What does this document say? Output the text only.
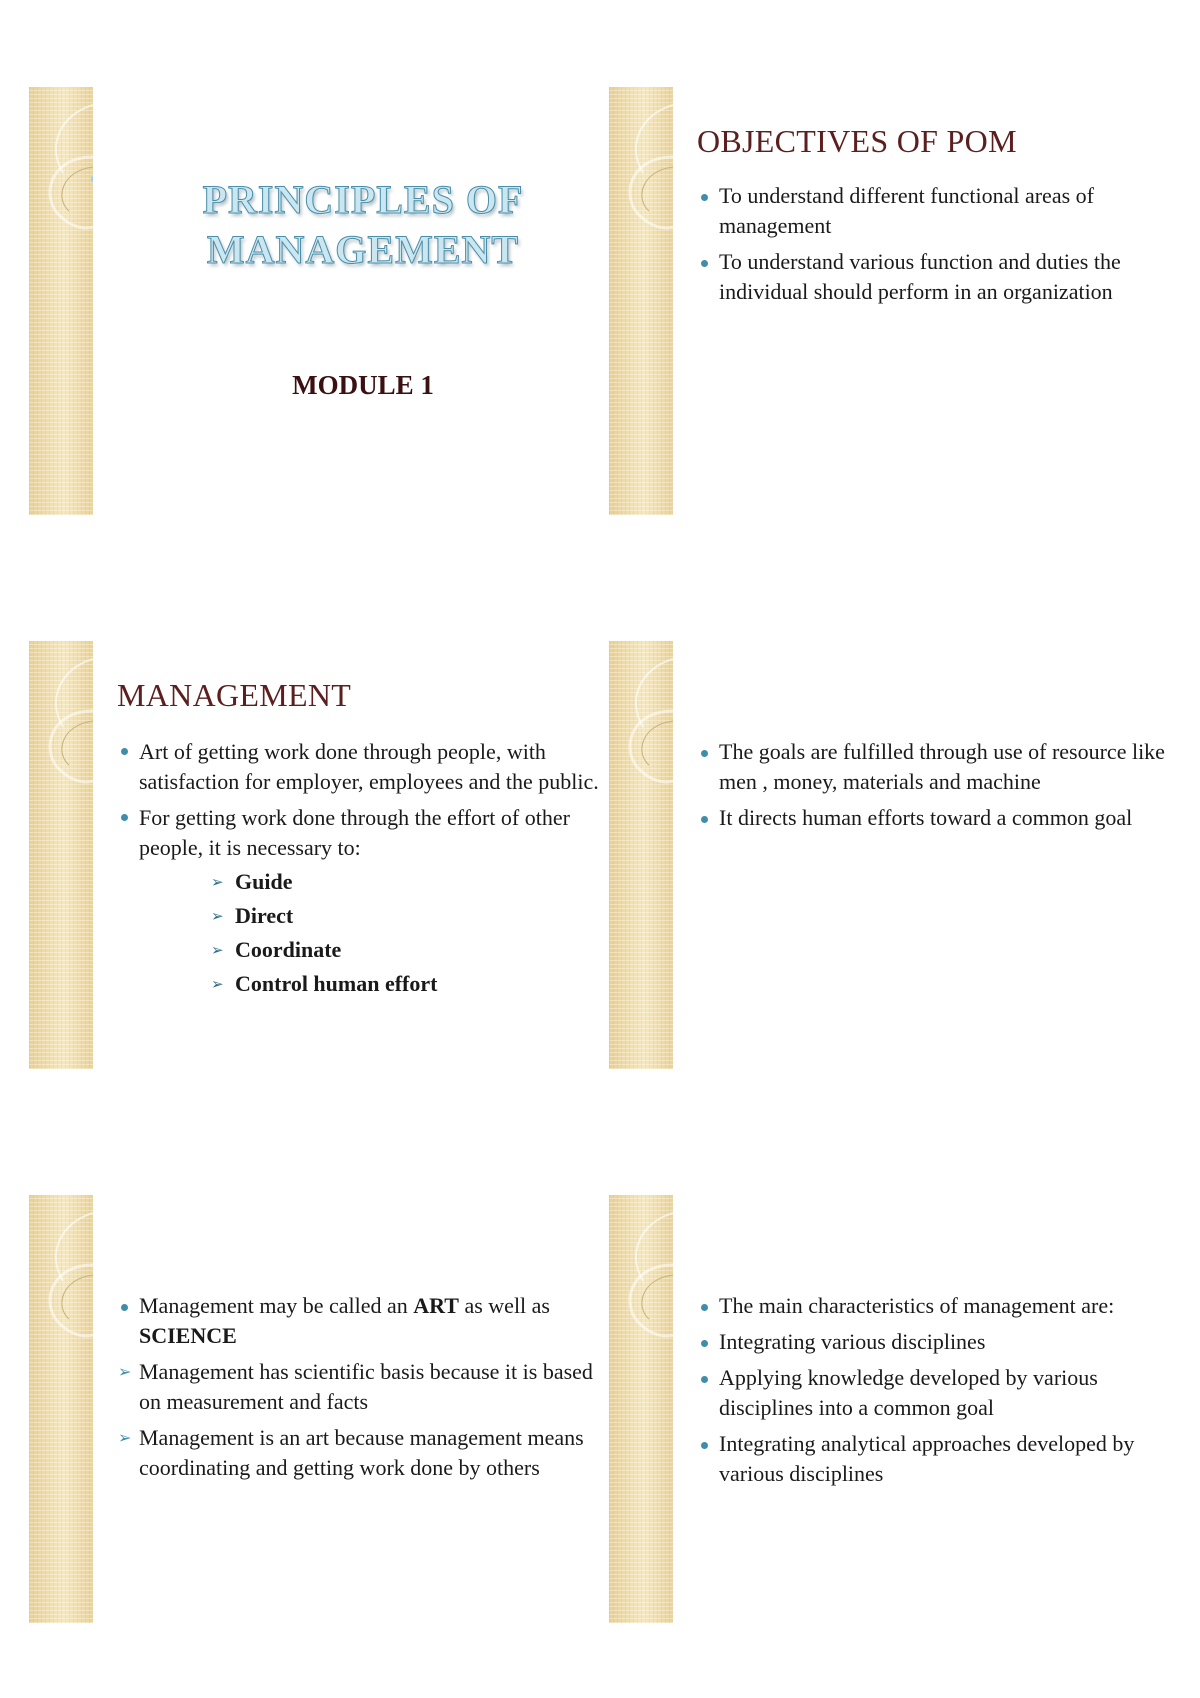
PRINCIPLES OF
MANAGEMENT
MODULE 1
OBJECTIVES OF POM
To understand different functional areas of management
To understand various function and duties the individual should perform in an organization
MANAGEMENT
Art of getting work done through people, with satisfaction for employer, employees and the public.
For getting work done through the effort of other people, it is necessary to:
➢ Guide
➢ Direct
➢ Coordinate
➢ Control human effort
The goals are fulfilled through use of resource like men , money, materials and machine
It directs human efforts toward a common goal
Management may be called an ART as well as SCIENCE
➢ Management has scientific basis because it is based on measurement and facts
➢ Management is an art because management means coordinating and getting work done by others
The main characteristics of management are:
Integrating various disciplines
Applying knowledge developed by various disciplines into a common goal
Integrating analytical approaches developed by various disciplines
